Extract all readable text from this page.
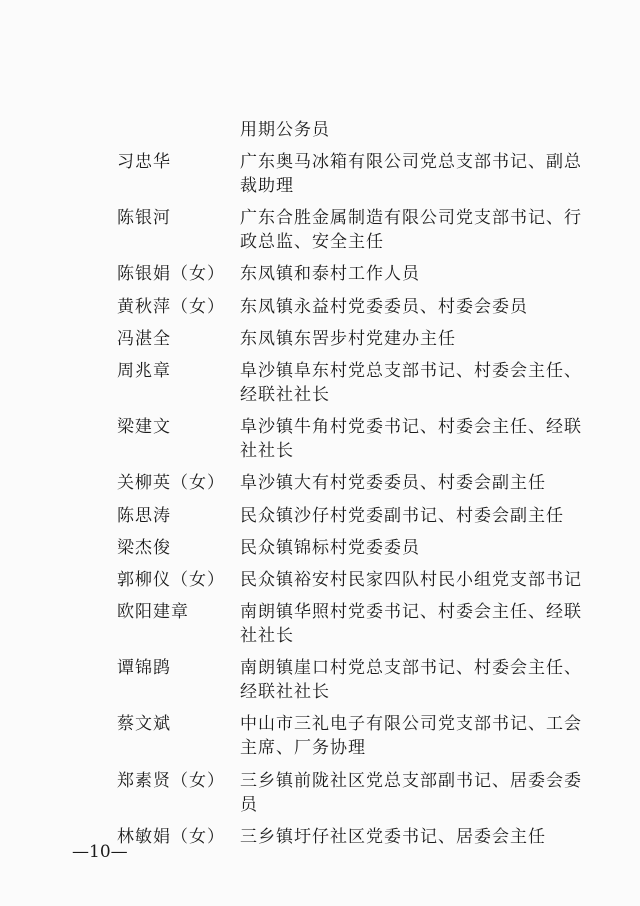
用期公务员
习忠华	广东奥马冰箱有限公司党总支部书记、副总裁助理
陈银河	广东合胜金属制造有限公司党支部书记、行政总监、安全主任
陈银娟（女） 东凤镇和泰村工作人员
黄秋萍（女） 东凤镇永益村党委委员、村委会委员
冯湛全	东凤镇东罟步村党建办主任
周兆章	阜沙镇阜东村党总支部书记、村委会主任、经联社社长
梁建文	阜沙镇牛角村党委书记、村委会主任、经联社社长
关柳英（女） 阜沙镇大有村党委委员、村委会副主任
陈思涛	民众镇沙仔村党委副书记、村委会副主任
梁杰俊	民众镇锦标村党委委员
郭柳仪（女） 民众镇裕安村民家四队村民小组党支部书记
欧阳建章	南朗镇华照村党委书记、村委会主任、经联社社长
谭锦鹍	南朗镇崖口村党总支部书记、村委会主任、经联社社长
蔡文斌	中山市三礼电子有限公司党支部书记、工会主席、厂务协理
郑素贤（女） 三乡镇前陇社区党总支部副书记、居委会委员
林敏娟（女） 三乡镇圩仔社区党委书记、居委会主任
—10—
